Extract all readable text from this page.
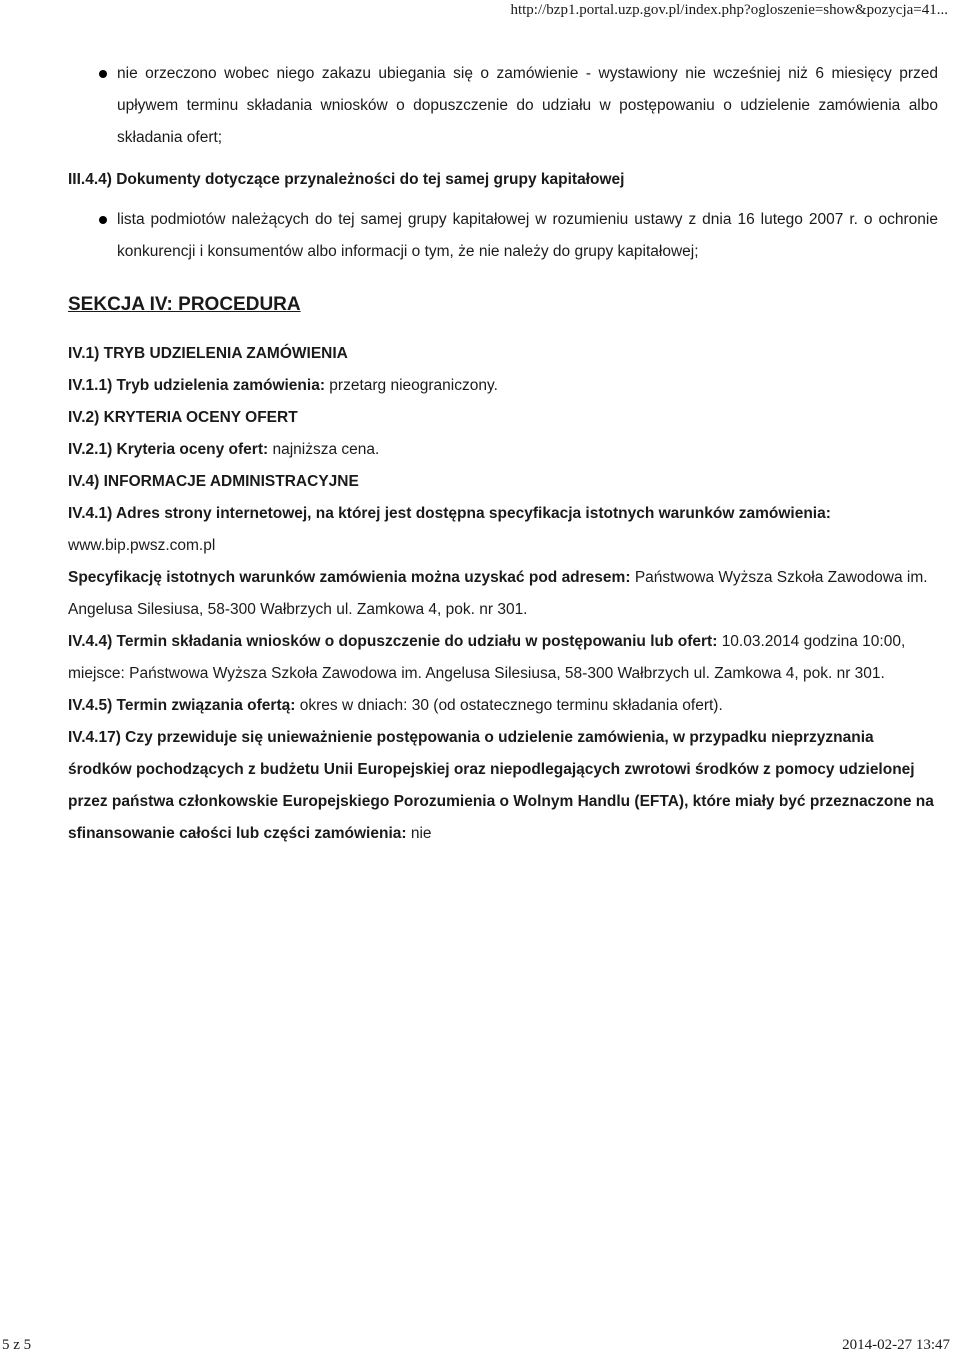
http://bzp1.portal.uzp.gov.pl/index.php?ogloszenie=show&pozycja=41...
nie orzeczono wobec niego zakazu ubiegania się o zamówienie - wystawiony nie wcześniej niż 6 miesięcy przed upływem terminu składania wniosków o dopuszczenie do udziału w postępowaniu o udzielenie zamówienia albo składania ofert;
III.4.4) Dokumenty dotyczące przynależności do tej samej grupy kapitałowej
lista podmiotów należących do tej samej grupy kapitałowej w rozumieniu ustawy z dnia 16 lutego 2007 r. o ochronie konkurencji i konsumentów albo informacji o tym, że nie należy do grupy kapitałowej;
SEKCJA IV: PROCEDURA
IV.1) TRYB UDZIELENIA ZAMÓWIENIA
IV.1.1) Tryb udzielenia zamówienia: przetarg nieograniczony.
IV.2) KRYTERIA OCENY OFERT
IV.2.1) Kryteria oceny ofert: najniższa cena.
IV.4) INFORMACJE ADMINISTRACYJNE
IV.4.1) Adres strony internetowej, na której jest dostępna specyfikacja istotnych warunków zamówienia: www.bip.pwsz.com.pl
Specyfikację istotnych warunków zamówienia można uzyskać pod adresem: Państwowa Wyższa Szkoła Zawodowa im. Angelusa Silesiusa, 58-300 Wałbrzych ul. Zamkowa 4, pok. nr 301.
IV.4.4) Termin składania wniosków o dopuszczenie do udziału w postępowaniu lub ofert: 10.03.2014 godzina 10:00, miejsce: Państwowa Wyższa Szkoła Zawodowa im. Angelusa Silesiusa, 58-300 Wałbrzych ul. Zamkowa 4, pok. nr 301.
IV.4.5) Termin związania ofertą: okres w dniach: 30 (od ostatecznego terminu składania ofert).
IV.4.17) Czy przewiduje się unieważnienie postępowania o udzielenie zamówienia, w przypadku nieprzyznania środków pochodzących z budżetu Unii Europejskiej oraz niepodlegających zwrotowi środków z pomocy udzielonej przez państwa członkowskie Europejskiego Porozumienia o Wolnym Handlu (EFTA), które miały być przeznaczone na sfinansowanie całości lub części zamówienia: nie
5 z 5	2014-02-27 13:47
